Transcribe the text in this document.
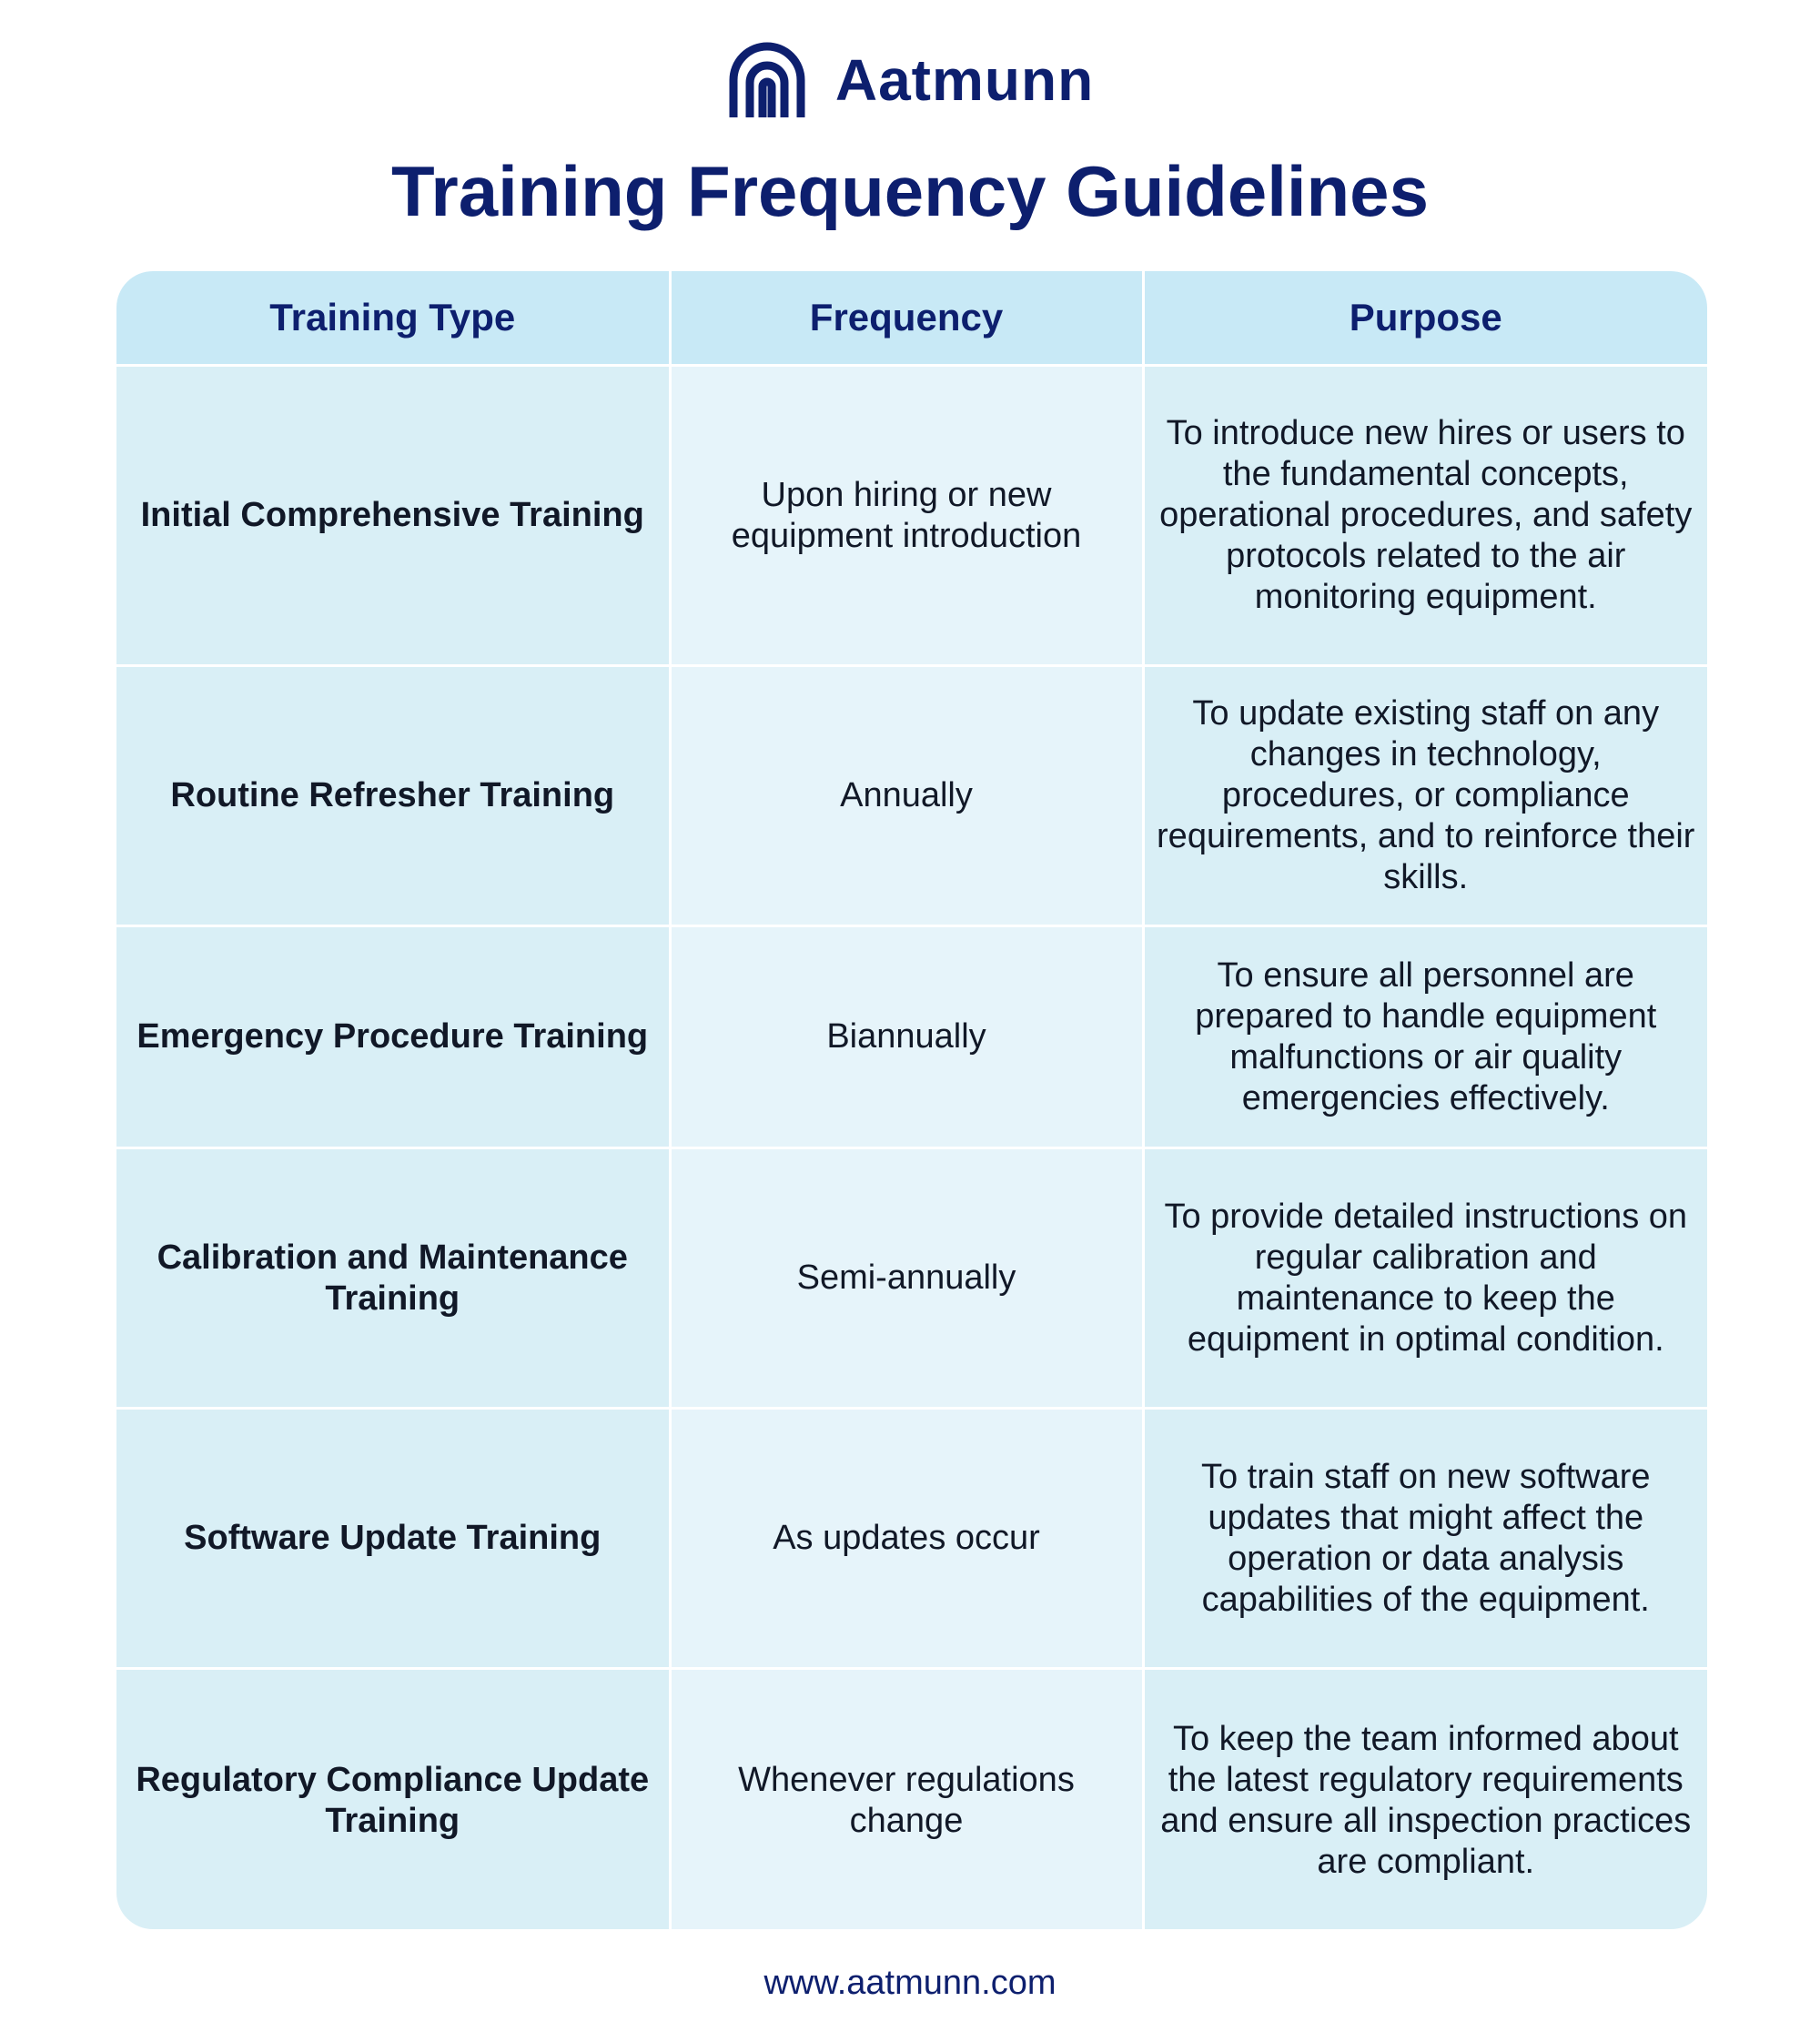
Aatmunn
Training Frequency Guidelines
Training Type	Frequency	Purpose
Initial Comprehensive Training	Upon hiring or new equipment introduction	To introduce new hires or users to the fundamental concepts, operational procedures, and safety protocols related to the air monitoring equipment.
Routine Refresher Training	Annually	To update existing staff on any changes in technology, procedures, or compliance requirements, and to reinforce their skills.
Emergency Procedure Training	Biannually	To ensure all personnel are prepared to handle equipment malfunctions or air quality emergencies effectively.
Calibration and Maintenance Training	Semi-annually	To provide detailed instructions on regular calibration and maintenance to keep the equipment in optimal condition.
Software Update Training	As updates occur	To train staff on new software updates that might affect the operation or data analysis capabilities of the equipment.
Regulatory Compliance Update Training	Whenever regulations change	To keep the team informed about the latest regulatory requirements and ensure all inspection practices are compliant.
www.aatmunn.com
